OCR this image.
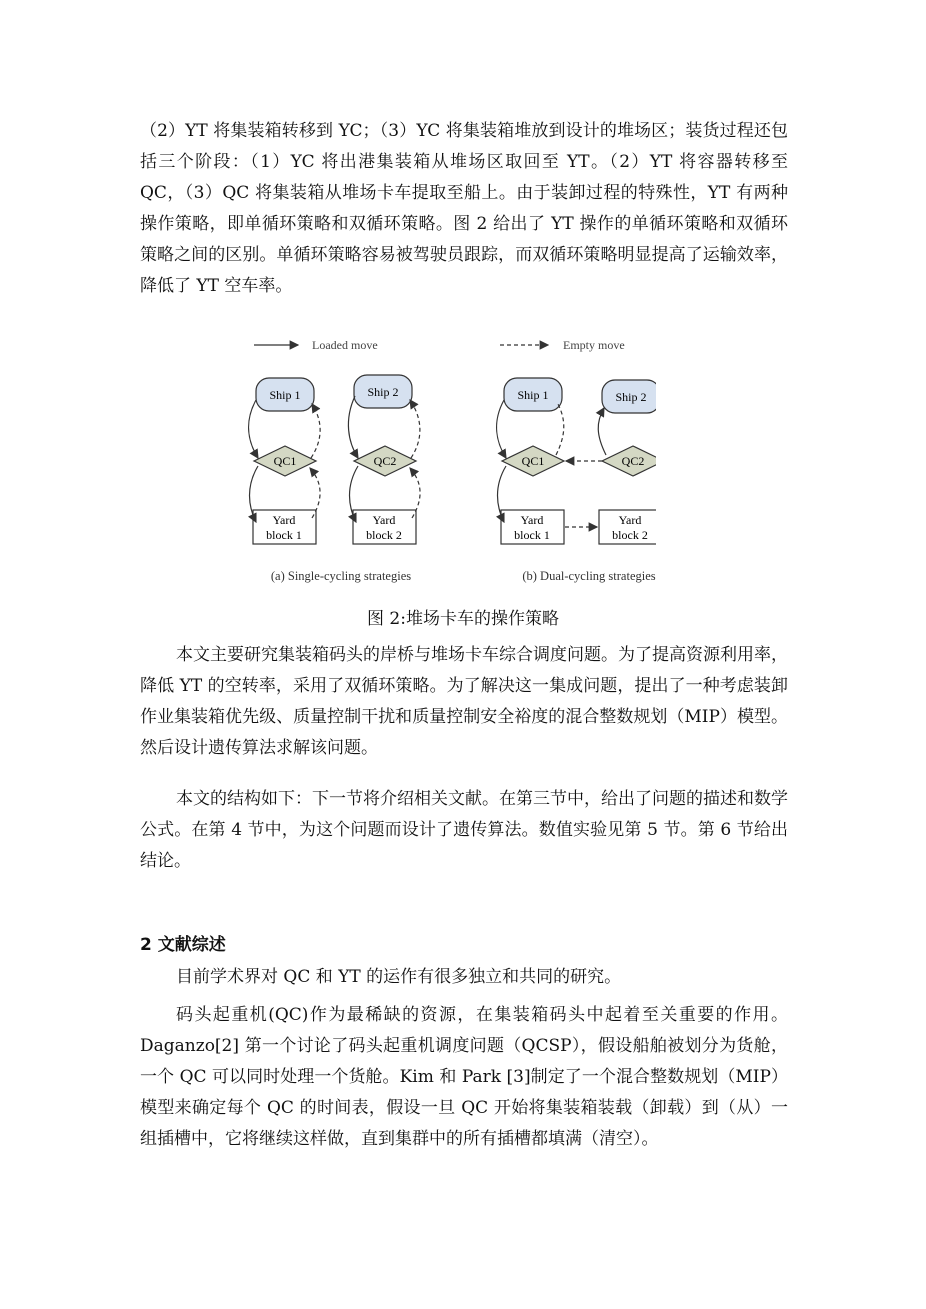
（2）YT 将集装箱转移到 YC；（3）YC 将集装箱堆放到设计的堆场区；装货过程还包括三个阶段：（1）YC 将出港集装箱从堆场区取回至 YT。（2）YT 将容器转移至 QC，（3）QC 将集装箱从堆场卡车提取至船上。由于装卸过程的特殊性，YT 有两种操作策略，即单循环策略和双循环策略。图 2 给出了 YT 操作的单循环策略和双循环策略之间的区别。单循环策略容易被驾驶员跟踪，而双循环策略明显提高了运输效率，降低了 YT 空车率。

Loaded move	Empty move
Ship 1	Ship 2
QC1	QC2
Yard
block 1
Yard
block 2
(a) Single-cycling strategies
Ship 1	Ship 2
QC1	QC2
Yard
block 1
Yard
block 2
(b) Dual-cycling strategies

图 2:堆场卡车的操作策略

本文主要研究集装箱码头的岸桥与堆场卡车综合调度问题。为了提高资源利用率，降低 YT 的空转率，采用了双循环策略。为了解决这一集成问题，提出了一种考虑装卸作业集装箱优先级、质量控制干扰和质量控制安全裕度的混合整数规划（MIP）模型。然后设计遗传算法求解该问题。

本文的结构如下：下一节将介绍相关文献。在第三节中，给出了问题的描述和数学公式。在第 4 节中，为这个问题而设计了遗传算法。数值实验见第 5 节。第 6 节给出结论。

2 文献综述

目前学术界对 QC 和 YT 的运作有很多独立和共同的研究。

码头起重机(QC)作为最稀缺的资源，在集装箱码头中起着至关重要的作用。Daganzo[2] 第一个讨论了码头起重机调度问题（QCSP），假设船舶被划分为货舱，一个 QC 可以同时处理一个货舱。Kim 和 Park [3]制定了一个混合整数规划（MIP）模型来确定每个 QC 的时间表，假设一旦 QC 开始将集装箱装载（卸载）到（从）一组插槽中，它将继续这样做，直到集群中的所有插槽都填满（清空）。
